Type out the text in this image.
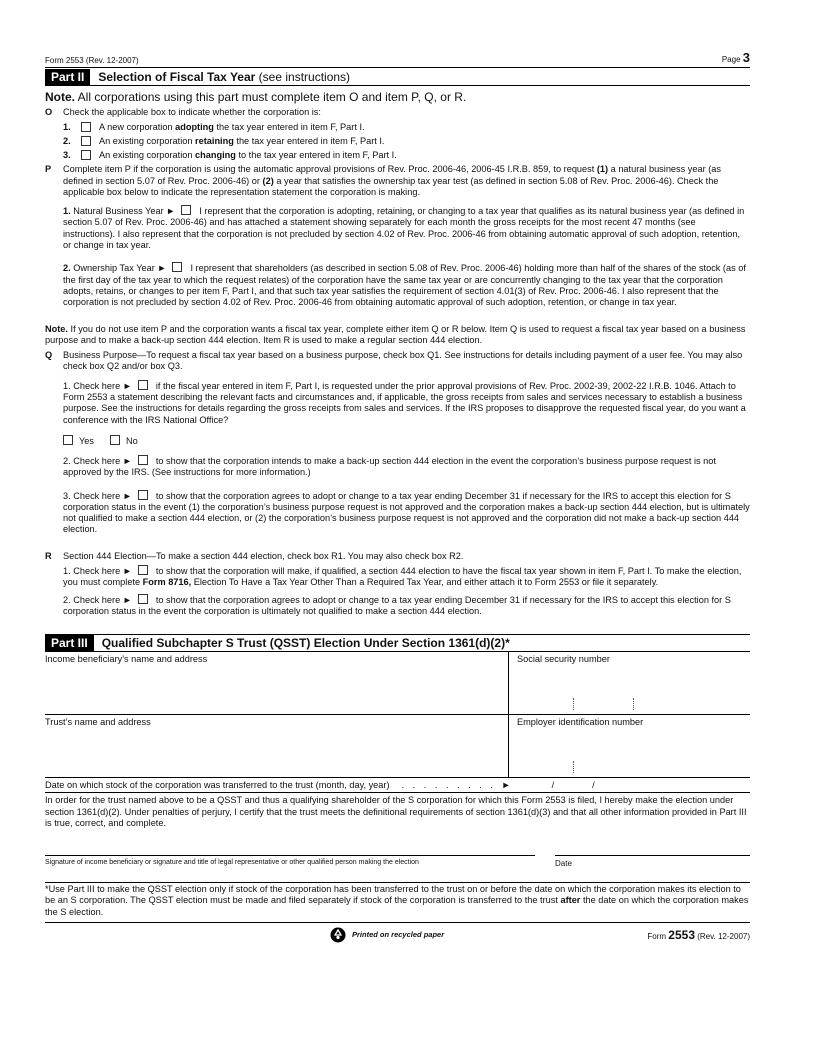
Form 2553 (Rev. 12-2007)	Page 3
Part II	Selection of Fiscal Tax Year (see instructions)
Note. All corporations using this part must complete item O and item P, Q, or R.
O	Check the applicable box to indicate whether the corporation is:
1.	A new corporation
adopting
the tax year entered in item F, Part I.
2.	An existing corporation
retaining
the tax year entered in item F, Part I.
3.	An existing corporation
changing
to the tax year entered in item F, Part I.
P	Complete item P if the corporation is using the automatic approval provisions of Rev. Proc. 2006-46, 2006-45 I.R.B. 859, to request (1) a natural business year (as defined in section 5.07 of Rev. Proc. 2006-46) or (2) a year that satisfies the ownership tax year test (as defined in section 5.08 of Rev. Proc. 2006-46). Check the applicable box below to indicate the representation statement the corporation is making.
1. Natural Business Year ►	I represent that the corporation is adopting, retaining, or changing to a tax year that qualifies as its natural business year (as defined in section 5.07 of Rev. Proc. 2006-46) and has attached a statement showing separately for each month the gross receipts for the most recent 47 months (see instructions). I also represent that the corporation is not precluded by section 4.02 of Rev. Proc. 2006-46 from obtaining automatic approval of such adoption, retention, or change in tax year.
2. Ownership Tax Year ►	I represent that shareholders (as described in section 5.08 of Rev. Proc. 2006-46) holding more than half of the shares of the stock (as of the first day of the tax year to which the request relates) of the corporation have the same tax year or are concurrently changing to the tax year that the corporation adopts, retains, or changes to per item F, Part I, and that such tax year satisfies the requirement of section 4.01(3) of Rev. Proc. 2006-46. I also represent that the corporation is not precluded by section 4.02 of Rev. Proc. 2006-46 from obtaining automatic approval of such adoption, retention, or change in tax year.
Note. If you do not use item P and the corporation wants a fiscal tax year, complete either item Q or R below. Item Q is used to request a fiscal tax year based on a business purpose and to make a back-up section 444 election. Item R is used to make a regular section 444 election.
Q	Business Purpose—To request a fiscal tax year based on a business purpose, check box Q1. See instructions for details including payment of a user fee. You may also check box Q2 and/or box Q3.
1. Check here ►	if the fiscal year entered in item F, Part I, is requested under the prior approval provisions of Rev. Proc. 2002-39, 2002-22 I.R.B. 1046. Attach to Form 2553 a statement describing the relevant facts and circumstances and, if applicable, the gross receipts from sales and services necessary to establish a business purpose. See the instructions for details regarding the gross receipts from sales and services. If the IRS proposes to disapprove the requested fiscal year, do you want a conference with the IRS National Office?
Yes	No
2. Check here ►	to show that the corporation intends to make a back-up section 444 election in the event the corporation’s business purpose request is not approved by the IRS. (See instructions for more information.)
3. Check here ►	to show that the corporation agrees to adopt or change to a tax year ending December 31 if necessary for the IRS to accept this election for S corporation status in the event (1) the corporation’s business purpose request is not approved and the corporation makes a back-up section 444 election, but is ultimately not qualified to make a section 444 election, or (2) the corporation’s business purpose request is not approved and the corporation did not make a back-up section 444 election.
R	Section 444 Election—To make a section 444 election, check box R1. You may also check box R2.
1. Check here ►	to show that the corporation will make, if qualified, a section 444 election to have the fiscal tax year shown in item F, Part I. To make the election, you must complete Form 8716, Election To Have a Tax Year Other Than a Required Tax Year, and either attach it to Form 2553 or file it separately.
2. Check here ►	to show that the corporation agrees to adopt or change to a tax year ending December 31 if necessary for the IRS to accept this election for S corporation status in the event the corporation is ultimately not qualified to make a section 444 election.
Part III	Qualified Subchapter S Trust (QSST) Election Under Section 1361(d)(2)*
Income beneficiary’s name and address	Social security number
Trust’s name and address	Employer identification number
Date on which stock of the corporation was transferred to the trust (month, day, year) . . . . . . . . . ►	/	/
In order for the trust named above to be a QSST and thus a qualifying shareholder of the S corporation for which this Form 2553 is filed, I hereby make the election under section 1361(d)(2). Under penalties of perjury, I certify that the trust meets the definitional requirements of section 1361(d)(3) and that all other information provided in Part III is true, correct, and complete.
Signature of income beneficiary or signature and title of legal representative or other qualified person making the election	Date
*Use Part III to make the QSST election only if stock of the corporation has been transferred to the trust on or before the date on which the corporation makes its election to be an S corporation. The QSST election must be made and filed separately if stock of the corporation is transferred to the trust after the date on which the corporation makes the S election.
Printed on recycled paper	Form 2553 (Rev. 12-2007)
